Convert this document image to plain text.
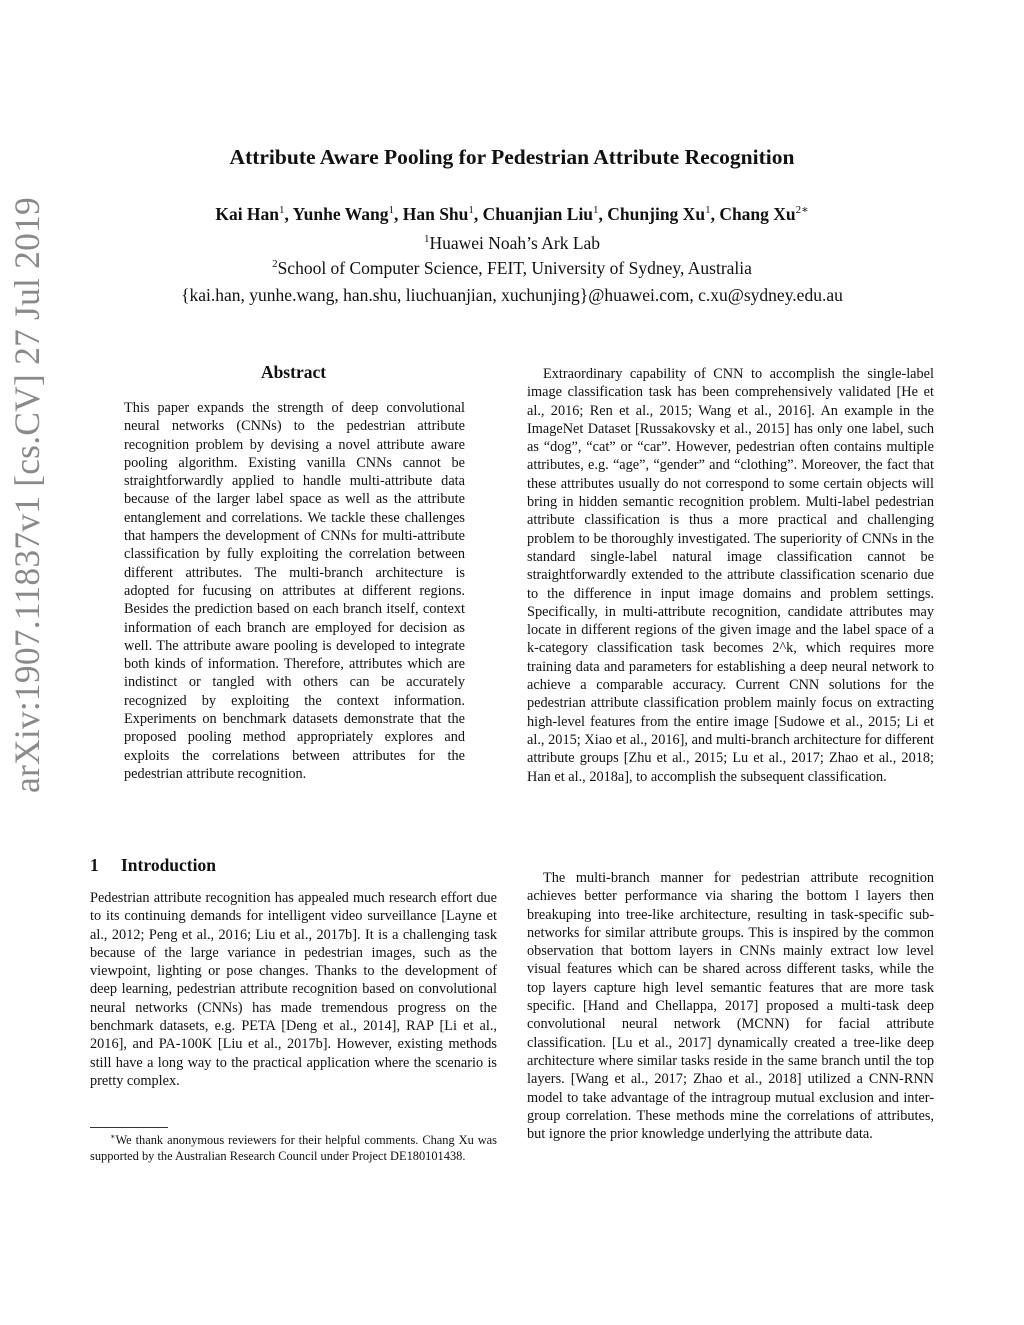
arXiv:1907.11837v1 [cs.CV] 27 Jul 2019
Attribute Aware Pooling for Pedestrian Attribute Recognition
Kai Han$^1$, Yunhe Wang$^1$, Han Shu$^1$, Chuanjian Liu$^1$, Chunjing Xu$^1$, Chang $Xu^{2∗}$
$^1$Huawei Noah’s Ark Lab
$^2$School of Computer Science, FEIT, University of Sydney, Australia
{kai.han, yunhe.wang, han.shu, liuchuanjian, xuchunjing}@huawei.com, c.xu@sydney.edu.au
Abstract

This paper expands the strength of deep convolutional neural networks (CNNs) to the pedestrian attribute recognition problem by devising a novel attribute aware pooling algorithm. Existing vanilla CNNs cannot be straightforwardly applied to handle multi-attribute data because of the larger label space as well as the attribute entanglement and correlations. We tackle these challenges that hampers the development of CNNs for multi-attribute classification by fully exploiting the correlation between different attributes. The multi-branch architecture is adopted for fucusing on attributes at different regions. Besides the prediction based on each branch itself, context information of each branch are employed for decision as well. The attribute aware pooling is developed to integrate both kinds of information. Therefore, attributes which are indistinct or tangled with others can be accurately recognized by exploiting the context information. Experiments on benchmark datasets demonstrate that the proposed pooling method appropriately explores and exploits the correlations between attributes for the pedestrian attribute recognition.

1 Introduction

Pedestrian attribute recognition has appealed much research effort due to its continuing demands for intelligent video surveillance [Layne et al., 2012; Peng et al., 2016; Liu et al., 2017b]. It is a challenging task because of the large variance in pedestrian images, such as the viewpoint, lighting or pose changes. Thanks to the development of deep learning, pedestrian attribute recognition based on convolutional neural networks (CNNs) has made tremendous progress on the benchmark datasets, e.g. PETA [Deng et al., 2014], RAP [Li et al., 2016], and PA-100K [Liu et al., 2017b]. However, existing methods still have a long way to the practical application where the scenario is pretty complex.

∗We thank anonymous reviewers for their helpful comments. Chang Xu was supported by the Australian Research Council under Project DE180101438.

Extraordinary capability of CNN to accomplish the single-label image classification task has been comprehensively validated [He et al., 2016; Ren et al., 2015; Wang et al., 2016]. An example in the ImageNet Dataset [Russakovsky et al., 2015] has only one label, such as “dog”, “cat” or “car”. However, pedestrian often contains multiple attributes, e.g. “age”, “gender” and “clothing”. Moreover, the fact that these attributes usually do not correspond to some certain objects will bring in hidden semantic recognition problem. Multi-label pedestrian attribute classification is thus a more practical and challenging problem to be thoroughly investigated. The superiority of CNNs in the standard single-label natural image classification cannot be straightforwardly extended to the attribute classification scenario due to the difference in input image domains and problem settings. Specifically, in multi-attribute recognition, candidate attributes may locate in different regions of the given image and the label space of a k-category classification task becomes 2^k, which requires more training data and parameters for establishing a deep neural network to achieve a comparable accuracy. Current CNN solutions for the pedestrian attribute classification problem mainly focus on extracting high-level features from the entire image [Sudowe et al., 2015; Li et al., 2015; Xiao et al., 2016], and multi-branch architecture for different attribute groups [Zhu et al., 2015; Lu et al., 2017; Zhao et al., 2018; Han et al., 2018a], to accomplish the subsequent classification.

The multi-branch manner for pedestrian attribute recognition achieves better performance via sharing the bottom l layers then breakuping into tree-like architecture, resulting in task-specific sub-networks for similar attribute groups. This is inspired by the common observation that bottom layers in CNNs mainly extract low level visual features which can be shared across different tasks, while the top layers capture high level semantic features that are more task specific. [Hand and Chellappa, 2017] proposed a multi-task deep convolutional neural network (MCNN) for facial attribute classification. [Lu et al., 2017] dynamically created a tree-like deep architecture where similar tasks reside in the same branch until the top layers. [Wang et al., 2017; Zhao et al., 2018] utilized a CNN-RNN model to take advantage of the intragroup mutual exclusion and inter-group correlation. These methods mine the correlations of attributes, but ignore the prior knowledge underlying the attribute data.
